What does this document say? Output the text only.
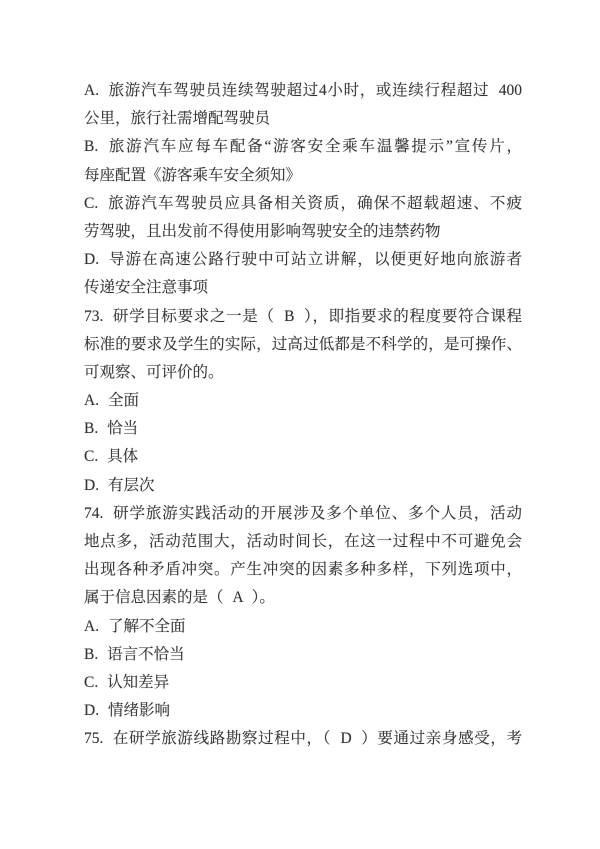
A. 旅游汽车驾驶员连续驾驶超过4小时，或连续行程超过 400
公里，旅行社需增配驾驶员
B. 旅游汽车应每车配备“游客安全乘车温馨提示”宣传片，
每座配置《游客乘车安全须知》
C. 旅游汽车驾驶员应具备相关资质，确保不超载超速、不疲
劳驾驶，且出发前不得使用影响驾驶安全的违禁药物
D. 导游在高速公路行驶中可站立讲解，以便更好地向旅游者
传递安全注意事项
73. 研学目标要求之一是（ B ），即指要求的程度要符合课程
标准的要求及学生的实际，过高过低都是不科学的，是可操作、
可观察、可评价的。
A. 全面
B. 恰当
C. 具体
D. 有层次
74. 研学旅游实践活动的开展涉及多个单位、多个人员，活动
地点多，活动范围大，活动时间长，在这一过程中不可避免会
出现各种矛盾冲突。产生冲突的因素多种多样，下列选项中，
属于信息因素的是（ A ）。
A. 了解不全面
B. 语言不恰当
C. 认知差异
D. 情绪影响
75. 在研学旅游线路勘察过程中，（ D ）要通过亲身感受，考
